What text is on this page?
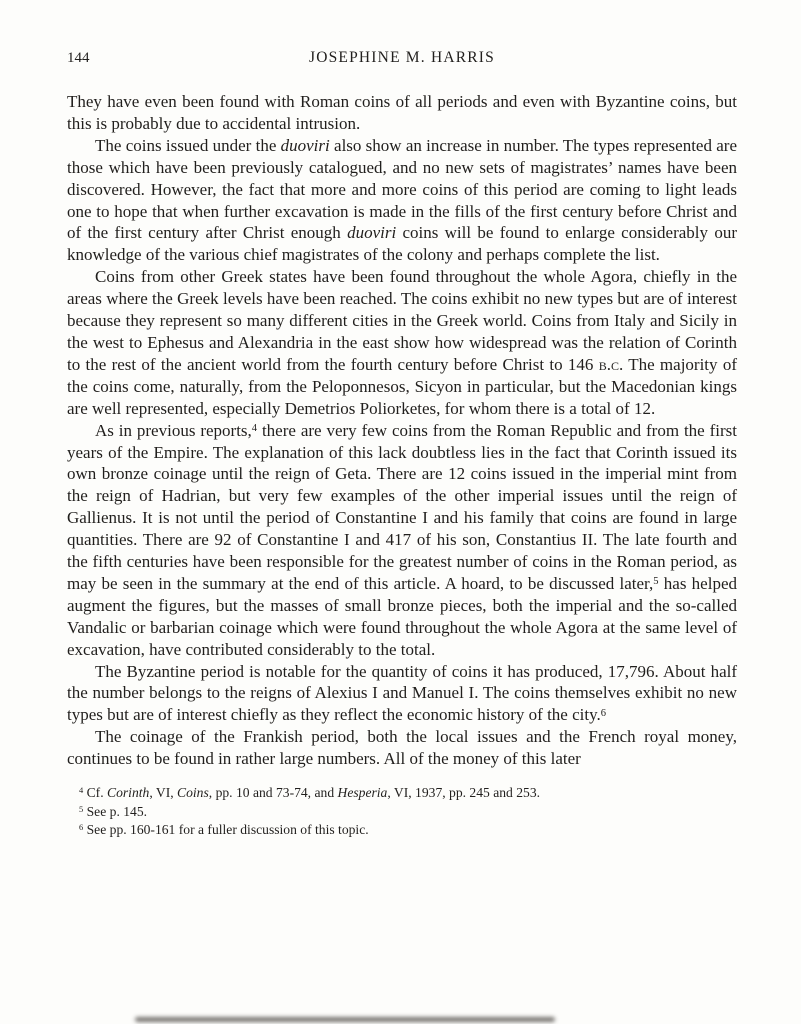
144	JOSEPHINE M. HARRIS

They have even been found with Roman coins of all periods and even with Byzantine coins, but this is probably due to accidental intrusion.

The coins issued under the duoviri also show an increase in number. The types represented are those which have been previously catalogued, and no new sets of magistrates’ names have been discovered. However, the fact that more and more coins of this period are coming to light leads one to hope that when further excavation is made in the fills of the first century before Christ and of the first century after Christ enough duoviri coins will be found to enlarge considerably our knowledge of the various chief magistrates of the colony and perhaps complete the list.

Coins from other Greek states have been found throughout the whole Agora, chiefly in the areas where the Greek levels have been reached. The coins exhibit no new types but are of interest because they represent so many different cities in the Greek world. Coins from Italy and Sicily in the west to Ephesus and Alexandria in the east show how widespread was the relation of Corinth to the rest of the ancient world from the fourth century before Christ to 146 b.c. The majority of the coins come, naturally, from the Peloponnesos, Sicyon in particular, but the Macedonian kings are well represented, especially Demetrios Poliorketes, for whom there is a total of 12.

As in previous reports,$^4$ there are very few coins from the Roman Republic and from the first years of the Empire. The explanation of this lack doubtless lies in the fact that Corinth issued its own bronze coinage until the reign of Geta. There are 12 coins issued in the imperial mint from the reign of Hadrian, but very few examples of the other imperial issues until the reign of Gallienus. It is not until the period of Constantine I and his family that coins are found in large quantities. There are 92 of Constantine I and 417 of his son, Constantius II. The late fourth and the fifth centuries have been responsible for the greatest number of coins in the Roman period, as may be seen in the summary at the end of this article. A hoard, to be discussed later,$^5$ has helped augment the figures, but the masses of small bronze pieces, both the imperial and the so-called Vandalic or barbarian coinage which were found throughout the whole Agora at the same level of excavation, have contributed considerably to the total.

The Byzantine period is notable for the quantity of coins it has produced, 17,796. About half the number belongs to the reigns of Alexius I and Manuel I. The coins themselves exhibit no new types but are of interest chiefly as they reflect the economic history of the city.$^6$

The coinage of the Frankish period, both the local issues and the French royal money, continues to be found in rather large numbers. All of the money of this later

$^4$ Cf. Corinth, VI, Coins, pp. 10 and 73-74, and Hesperia, VI, 1937, pp. 245 and 253.

$^5$ See p. 145.

$^6$ See pp. 160-161 for a fuller discussion of this topic.
